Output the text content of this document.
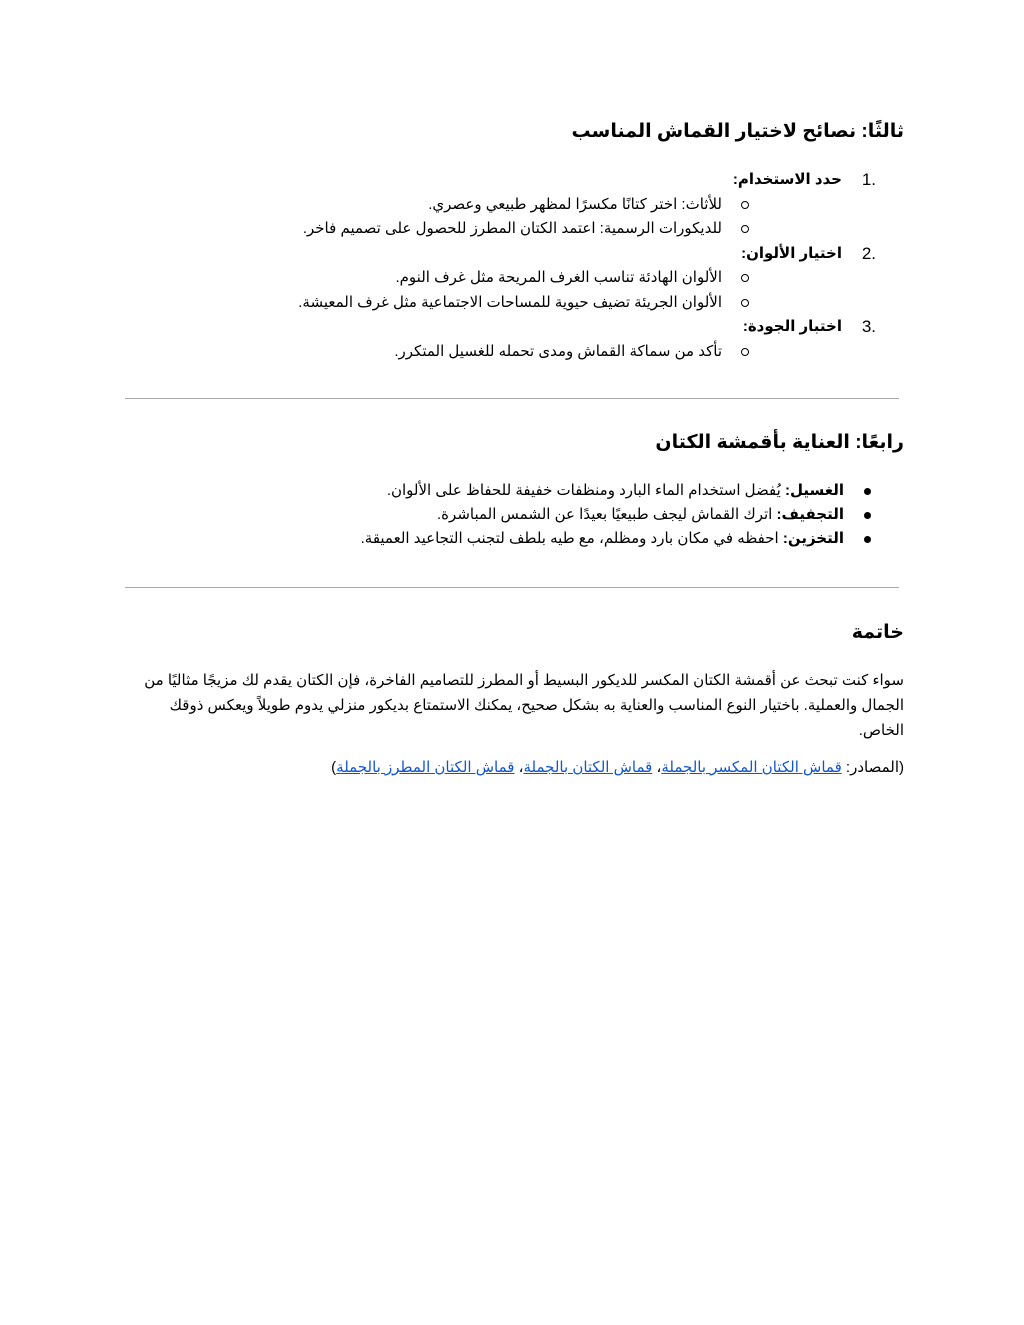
ثالثًا: نصائح لاختيار القماش المناسب
1.
حدد الاستخدام:
للأثاث: اختر كتانًا مكسرًا لمظهر طبيعي وعصري.
للديكورات الرسمية: اعتمد الكتان المطرز للحصول على تصميم فاخر.
2.
اختيار الألوان:
الألوان الهادئة تناسب الغرف المريحة مثل غرف النوم.
الألوان الجريئة تضيف حيوية للمساحات الاجتماعية مثل غرف المعيشة.
3.
اختبار الجودة:
تأكد من سماكة القماش ومدى تحمله للغسيل المتكرر.
رابعًا: العناية بأقمشة الكتان
الغسيل: يُفضل استخدام الماء البارد ومنظفات خفيفة للحفاظ على الألوان.
التجفيف: اترك القماش ليجف طبيعيًا بعيدًا عن الشمس المباشرة.
التخزين: احفظه في مكان بارد ومظلم، مع طيه بلطف لتجنب التجاعيد العميقة.
خاتمة

سواء كنت تبحث عن أقمشة الكتان المكسر للديكور البسيط أو المطرز للتصاميم الفاخرة، فإن الكتان يقدم لك مزيجًا مثاليًا من الجمال والعملية. باختيار النوع المناسب والعناية به بشكل صحيح، يمكنك الاستمتاع بديكور منزلي يدوم طويلاً ويعكس ذوقك الخاص.

(المصادر: قماش الكتان المكسر بالجملة، قماش الكتان بالجملة، قماش الكتان المطرز بالجملة)
